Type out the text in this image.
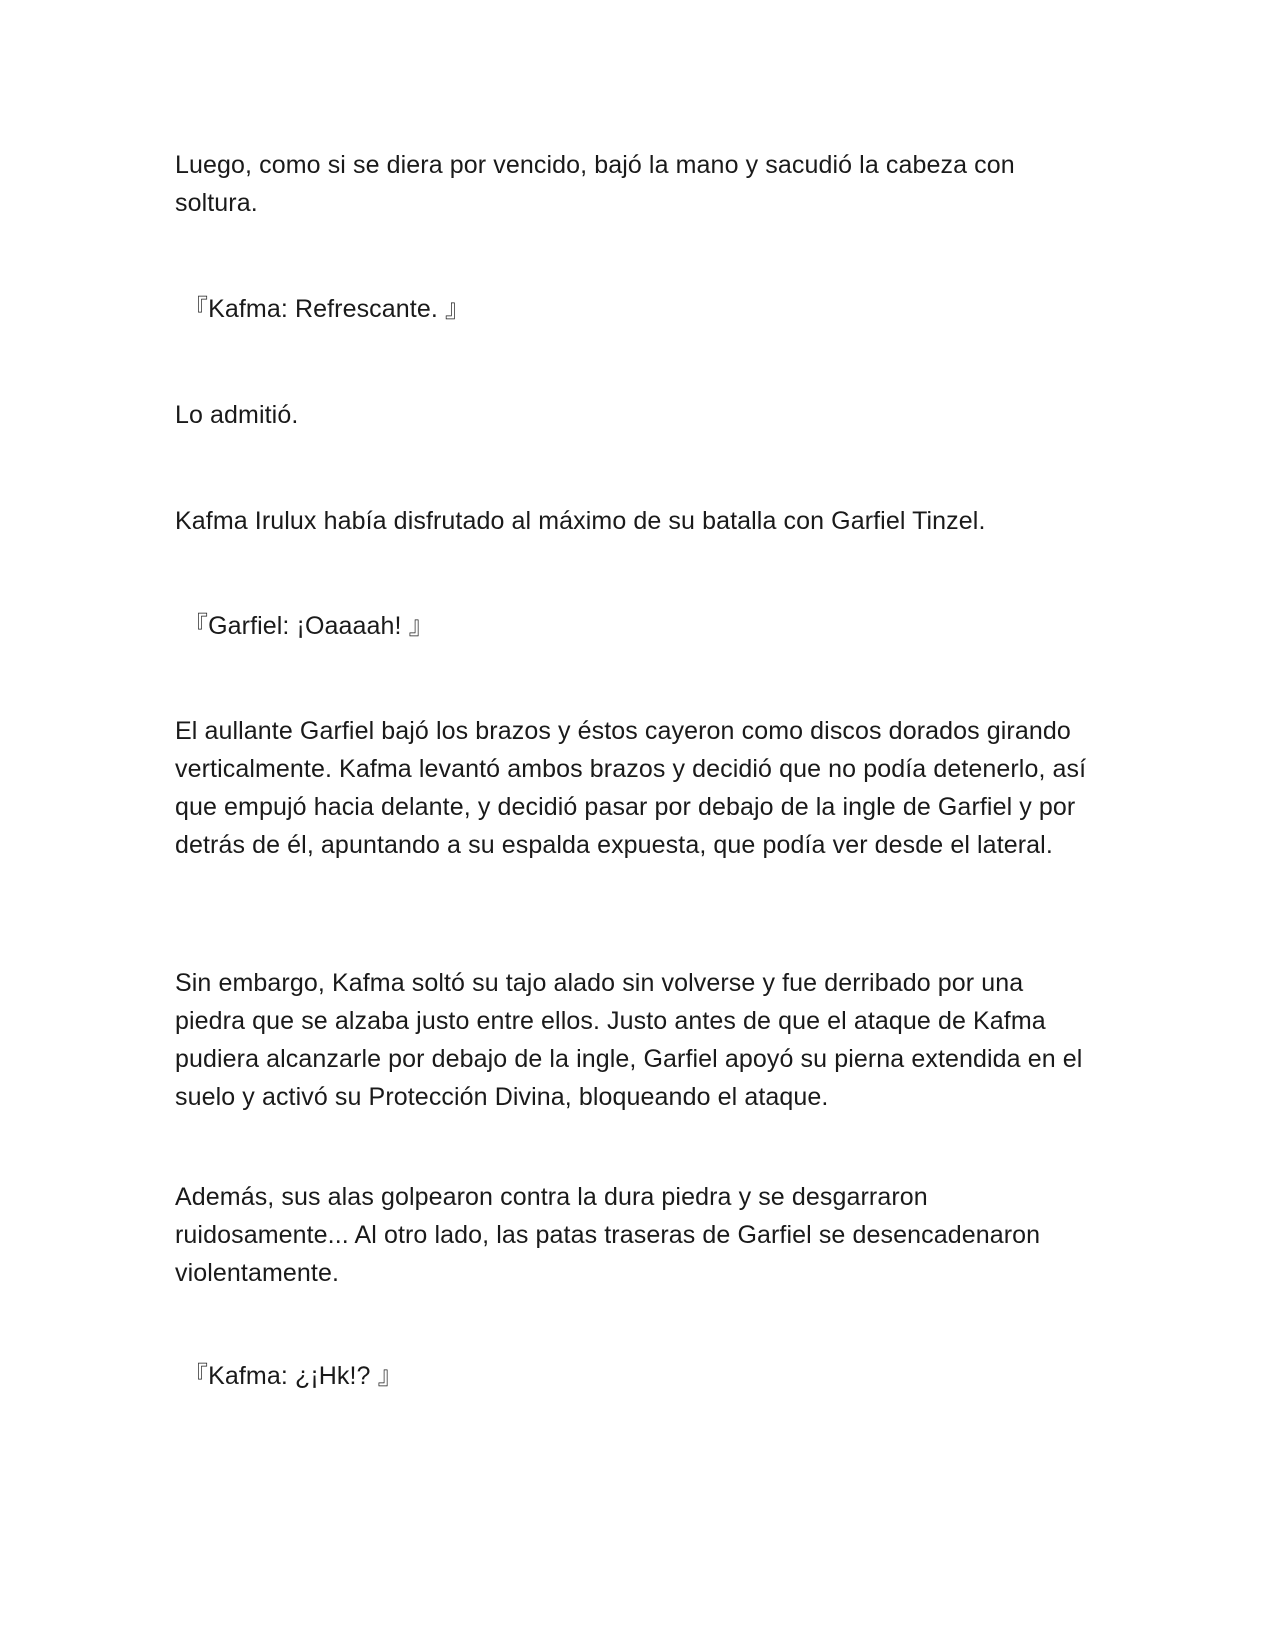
Luego, como si se diera por vencido, bajó la mano y sacudió la cabeza con soltura.

『Kafma: Refrescante. 』

Lo admitió.

Kafma Irulux había disfrutado al máximo de su batalla con Garfiel Tinzel.

『Garfiel: ¡Oaaaah! 』

El aullante Garfiel bajó los brazos y éstos cayeron como discos dorados girando verticalmente. Kafma levantó ambos brazos y decidió que no podía detenerlo, así que empujó hacia delante, y decidió pasar por debajo de la ingle de Garfiel y por detrás de él, apuntando a su espalda expuesta, que podía ver desde el lateral.

Sin embargo, Kafma soltó su tajo alado sin volverse y fue derribado por una piedra que se alzaba justo entre ellos. Justo antes de que el ataque de Kafma pudiera alcanzarle por debajo de la ingle, Garfiel apoyó su pierna extendida en el suelo y activó su Protección Divina, bloqueando el ataque.

Además, sus alas golpearon contra la dura piedra y se desgarraron ruidosamente... Al otro lado, las patas traseras de Garfiel se desencadenaron violentamente.

『Kafma: ¿¡Hk!? 』
